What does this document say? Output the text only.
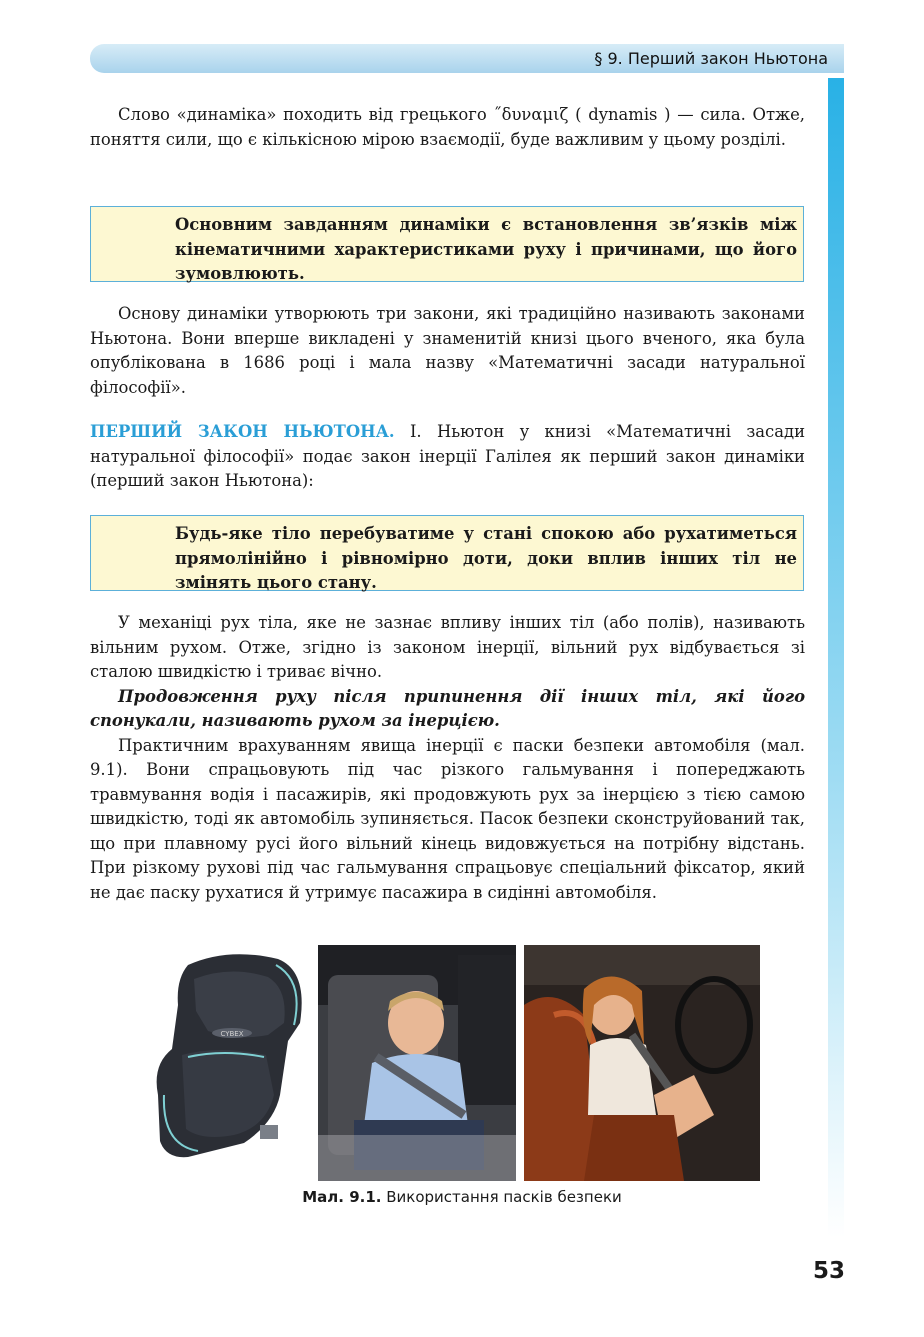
§ 9. Перший закон Ньютона

Слово «динаміка» походить від грецького ˝δυναμιζ ( dynamis ) — сила. Отже, поняття сили, що є кількісною мірою взаємодії, буде важливим у цьому розділі.

Основним завданням динаміки є встановлення зв’язків між кінематичними характеристиками руху і причинами, що його зумовлюють.

Основу динаміки утворюють три закони, які традиційно називають законами Ньютона. Вони вперше викладені у знаменитій книзі цього вченого, яка була опублікована в 1686 році і мала назву «Математичні засади натуральної філософії».

ПЕРШИЙ ЗАКОН НЬЮТОНА. І. Ньютон у книзі «Математичні засади натуральної філософії» подає закон інерції Галілея як перший закон динаміки (перший закон Ньютона):

Будь-яке тіло перебуватиме у стані спокою або рухатиметься прямолінійно і рівномірно доти, доки вплив інших тіл не змінять цього стану.

У механіці рух тіла, яке не зазнає впливу інших тіл (або полів), називають вільним рухом. Отже, згідно із законом інерції, вільний рух відбувається зі сталою швидкістю і триває вічно.

Продовження руху після припинення дії інших тіл, які його спонукали, називають рухом за інерцією.

Практичним врахуванням явища інерції є паски безпеки автомобіля (мал. 9.1). Вони спрацьовують під час різкого гальмування і попереджають травмування водія і пасажирів, які продовжують рух за інерцією з тією самою швидкістю, тоді як автомобіль зупиняється. Пасок безпеки сконструйований так, що при плавному русі його вільний кінець видовжується на потрібну відстань. При різкому рухові під час гальмування спрацьовує спеціальний фіксатор, який не дає паску рухатися й утримує пасажира в сидінні автомобіля.

CYBEX
Мал. 9.1. Використання пасків безпеки
53
